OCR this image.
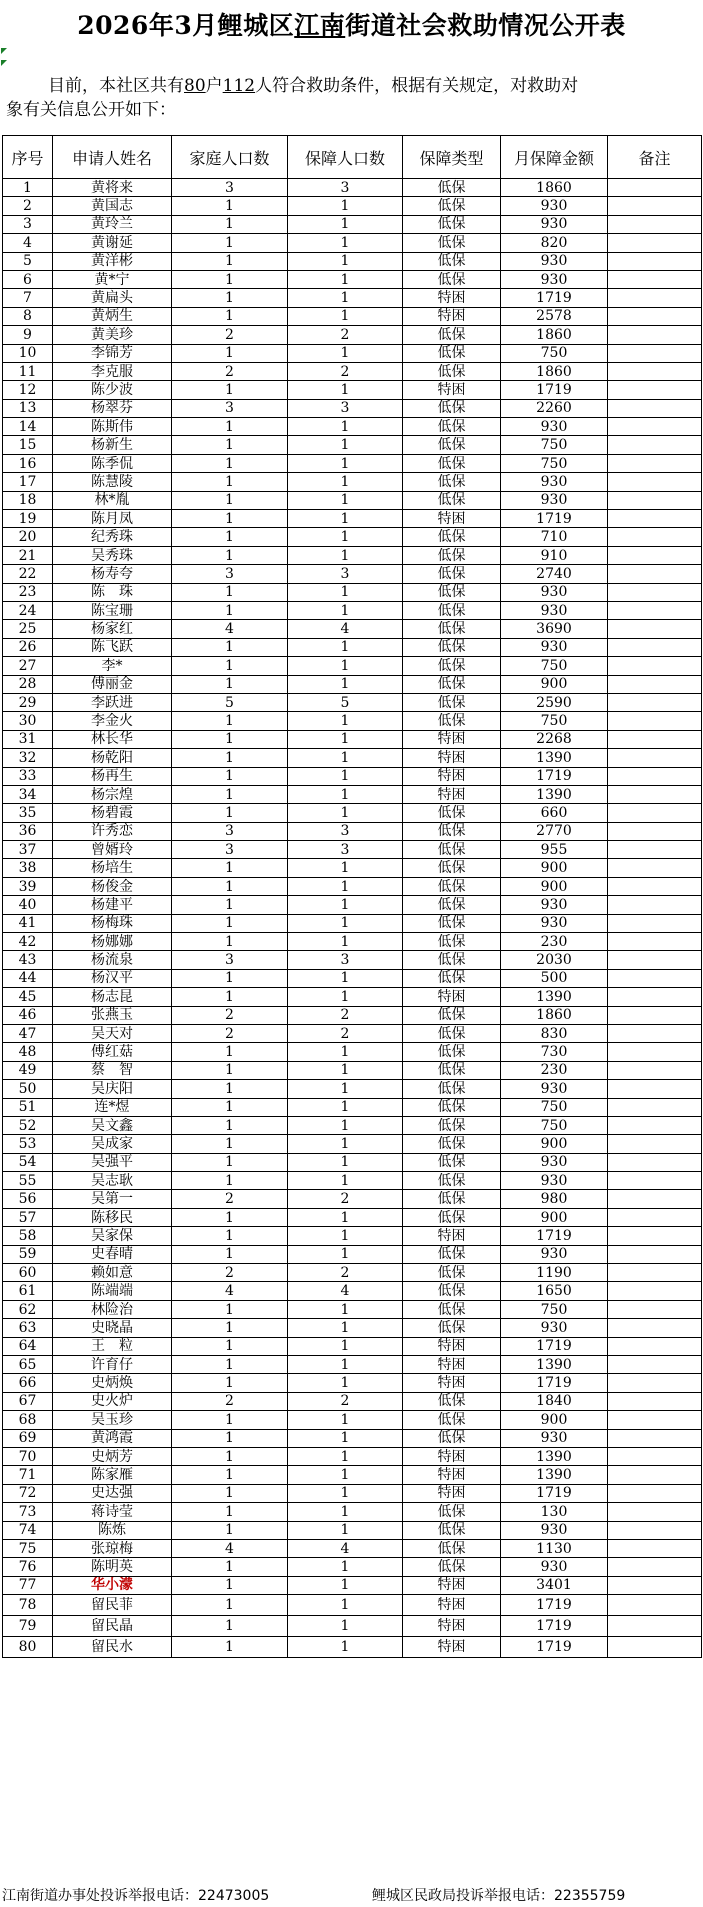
2026年3月鲤城区江南街道社会救助情况公开表
目前，本社区共有80户112人符合救助条件，根据有关规定，对救助对
象有关信息公开如下：
序号	申请人姓名	家庭人口数	保障人口数	保障类型	月保障金额	备注
1	黄将来	3	3	低保	1860	
2	黄国志	1	1	低保	930	
3	黄玲兰	1	1	低保	930	
4	黄谢延	1	1	低保	820	
5	黄洋彬	1	1	低保	930	
6	黄*宁	1	1	低保	930	
7	黄扁头	1	1	特困	1719	
8	黄炳生	1	1	特困	2578	
9	黄美珍	2	2	低保	1860	
10	李锦芳	1	1	低保	750	
11	李克服	2	2	低保	1860	
12	陈少波	1	1	特困	1719	
13	杨翠芬	3	3	低保	2260	
14	陈斯伟	1	1	低保	930	
15	杨新生	1	1	低保	750	
16	陈季侃	1	1	低保	750	
17	陈慧陵	1	1	低保	930	
18	林*胤	1	1	低保	930	
19	陈月凤	1	1	特困	1719	
20	纪秀珠	1	1	低保	710	
21	吴秀珠	1	1	低保	910	
22	杨寿夸	3	3	低保	2740	
23	陈　珠	1	1	低保	930	
24	陈宝珊	1	1	低保	930	
25	杨家红	4	4	低保	3690	
26	陈飞跃	1	1	低保	930	
27	李*	1	1	低保	750	
28	傅丽金	1	1	低保	900	
29	李跃进	5	5	低保	2590	
30	李金火	1	1	低保	750	
31	林长华	1	1	特困	2268	
32	杨乾阳	1	1	特困	1390	
33	杨再生	1	1	特困	1719	
34	杨宗煌	1	1	特困	1390	
35	杨碧霞	1	1	低保	660	
36	许秀恋	3	3	低保	2770	
37	曾婿玲	3	3	低保	955	
38	杨培生	1	1	低保	900	
39	杨俊金	1	1	低保	900	
40	杨建平	1	1	低保	930	
41	杨梅珠	1	1	低保	930	
42	杨娜娜	1	1	低保	230	
43	杨流泉	3	3	低保	2030	
44	杨汉平	1	1	低保	500	
45	杨志昆	1	1	特困	1390	
46	张燕玉	2	2	低保	1860	
47	吴天对	2	2	低保	830	
48	傅红菇	1	1	低保	730	
49	蔡　智	1	1	低保	230	
50	吴庆阳	1	1	低保	930	
51	连*煜	1	1	低保	750	
52	吴文鑫	1	1	低保	750	
53	吴成家	1	1	低保	900	
54	吴强平	1	1	低保	930	
55	吴志耿	1	1	低保	930	
56	吴第一	2	2	低保	980	
57	陈移民	1	1	低保	900	
58	吴家保	1	1	特困	1719	
59	史春晴	1	1	低保	930	
60	赖如意	2	2	低保	1190	
61	陈端端	4	4	低保	1650	
62	林险治	1	1	低保	750	
63	史晓晶	1	1	低保	930	
64	王　粒	1	1	特困	1719	
65	许育仔	1	1	特困	1390	
66	史炳焕	1	1	特困	1719	
67	史火炉	2	2	低保	1840	
68	吴玉珍	1	1	低保	900	
69	黄鸿霞	1	1	低保	930	
70	史炳芳	1	1	特困	1390	
71	陈家雁	1	1	特困	1390	
72	史达强	1	1	特困	1719	
73	蒋诗莹	1	1	低保	130	
74	陈炼	1	1	低保	930	
75	张琼梅	4	4	低保	1130	
76	陈明英	1	1	低保	930	
77	华小濛	1	1	特困	3401	
78	留民菲	1	1	特困	1719	
79	留民晶	1	1	特困	1719	
80	留民水	1	1	特困	1719	
江南街道办事处投诉举报电话：22473005	鲤城区民政局投诉举报电话：22355759
